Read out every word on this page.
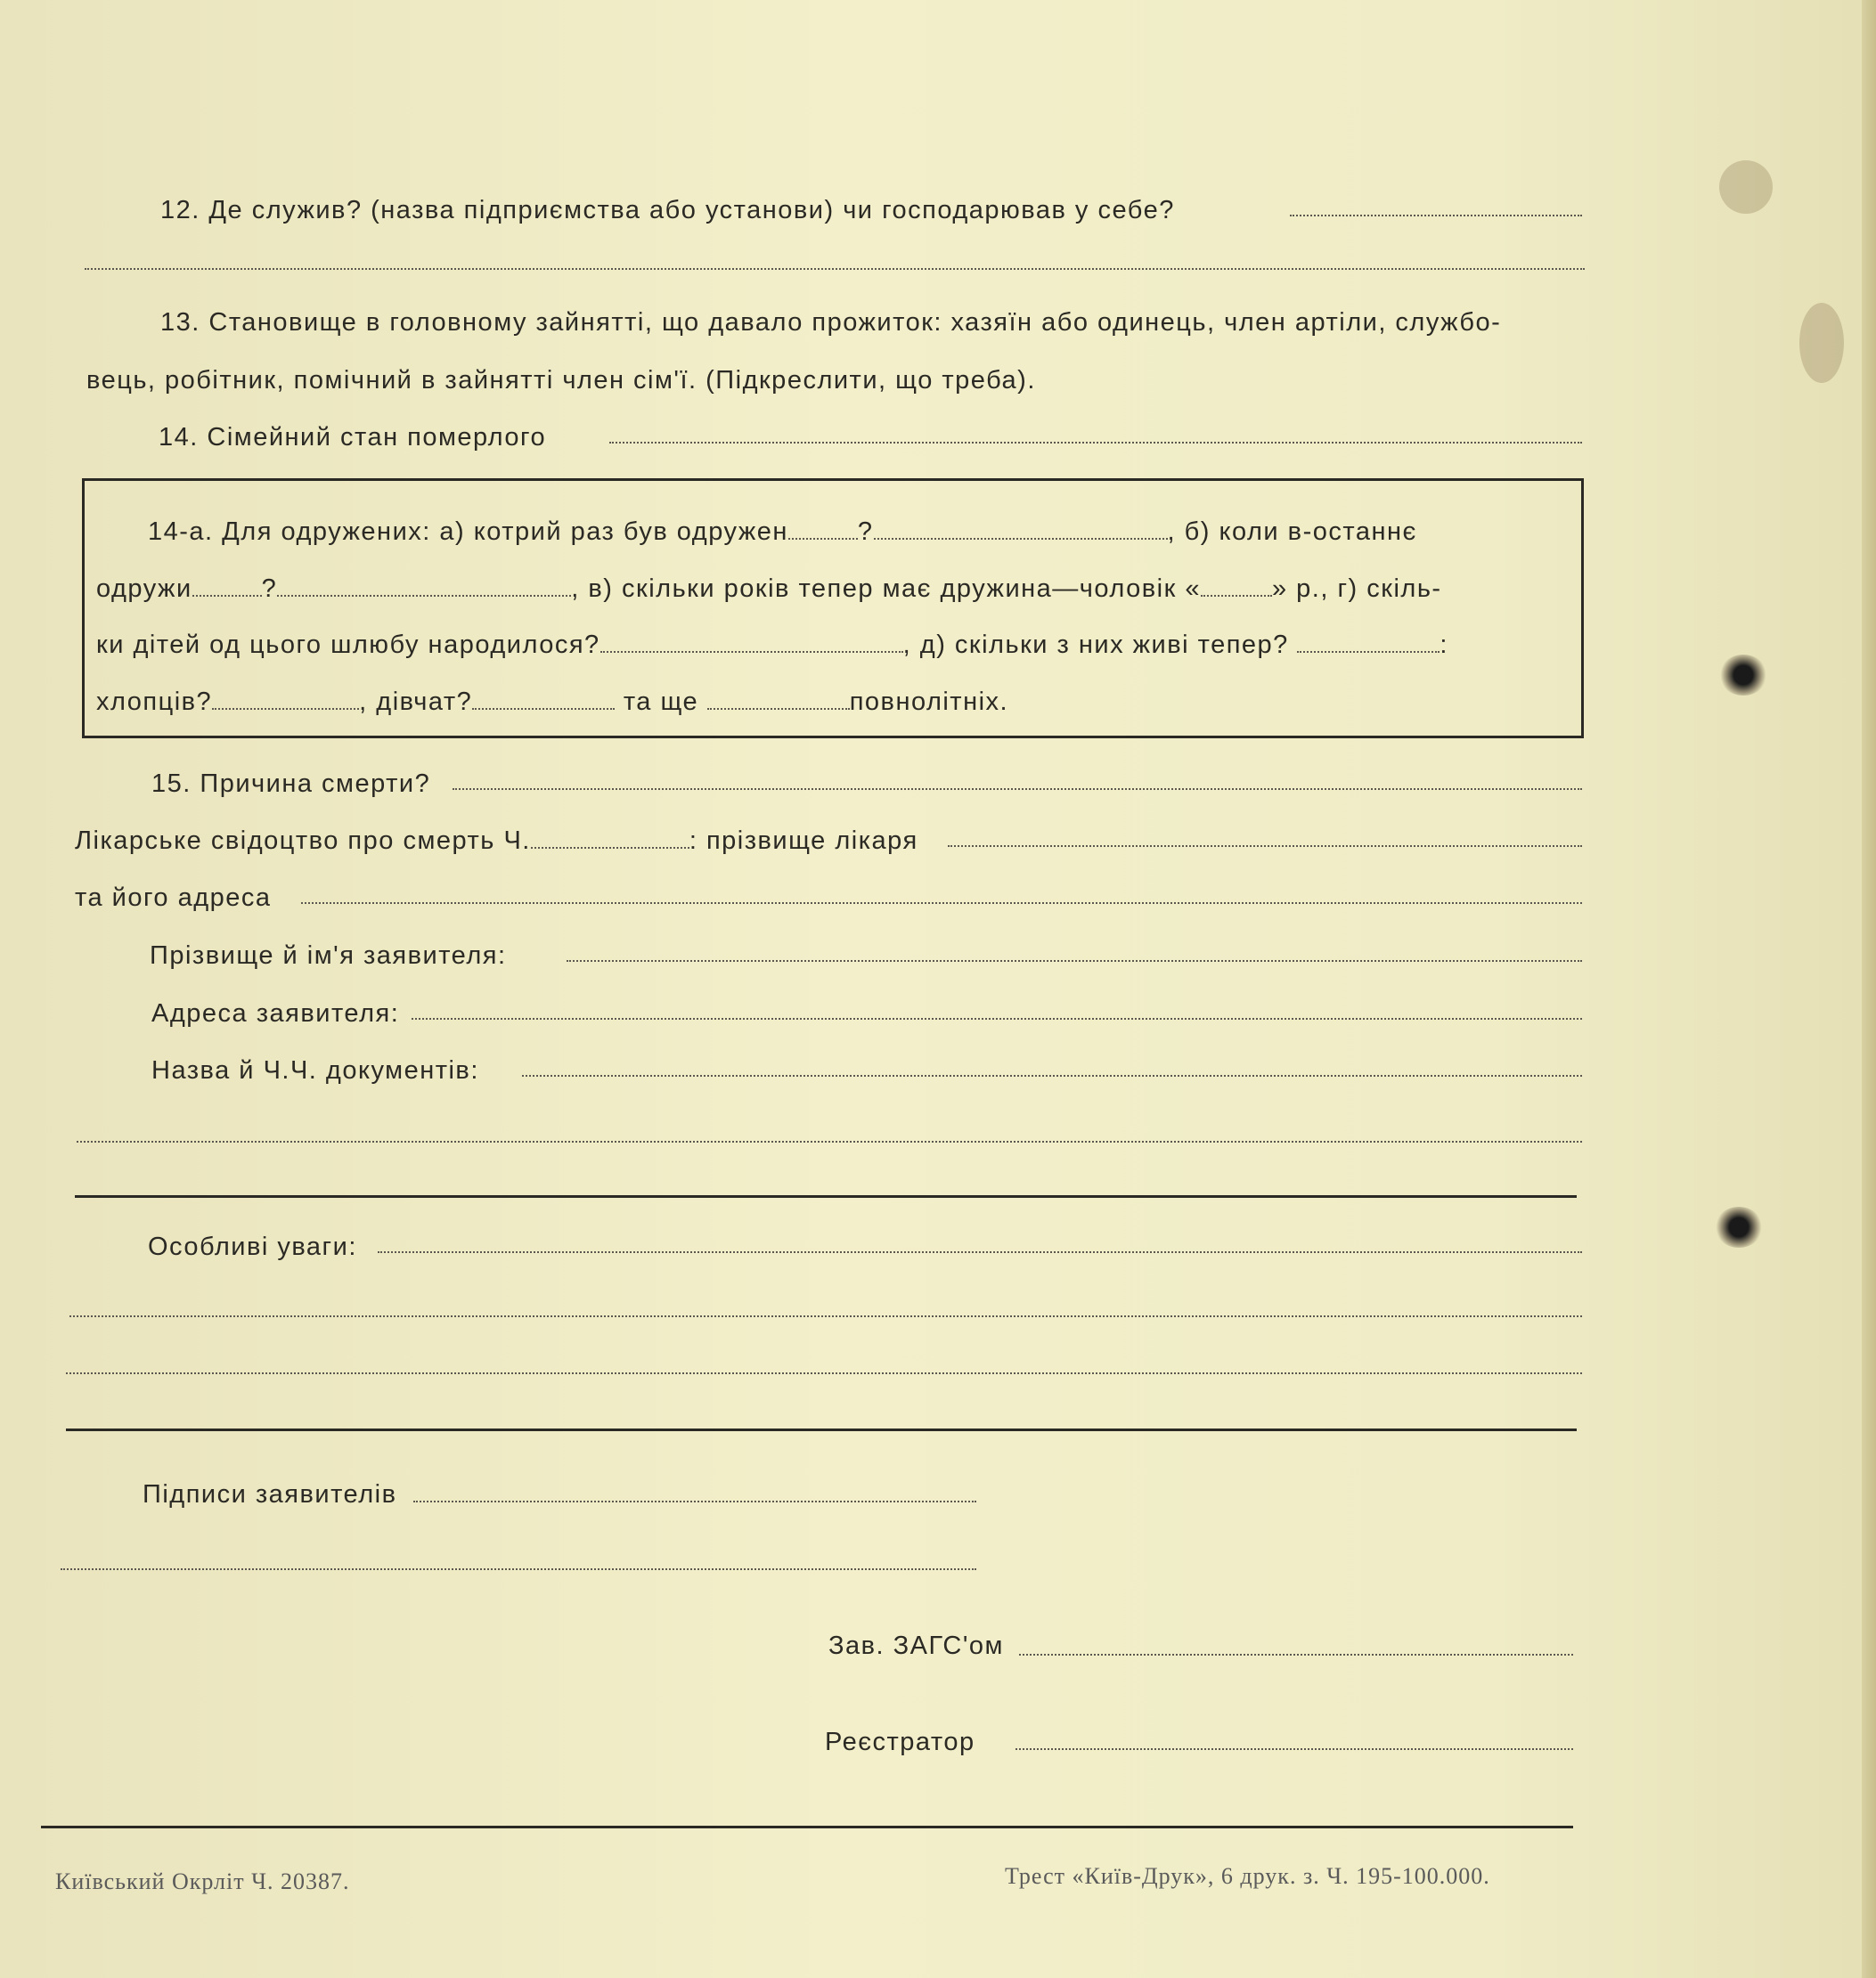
12. Де служив? (назва підприємства або установи) чи господарював у себе?
13. Становище в головному зайнятті, що давало прожиток: хазяїн або одинець, член артіли, службо-
вець, робітник, помічний в зайнятті член сім'ї. (Підкреслити, що треба).
14. Сімейний стан померлого
14-а. Для одружених: а) котрий раз був одружен	?	, б) коли в-останнє
одружи	?	, в) скільки років тепер має дружина—чоловік «	» р., г) скіль-
ки дітей од цього шлюбу народилося?	, д) скільки з них живі тепер?	:
хлопців?	, дівчат?	та ще	повнолітніх.
15. Причина смерти?
Лікарське свідоцтво про смерть Ч.	: прізвище лікаря
та його адреса
Прізвище й ім'я заявителя:
Адреса заявителя:
Назва й Ч.Ч. документів:
Особливі уваги:
Підписи заявителів
Зав. ЗАГС'ом
Реєстратор
Київський Окрліт Ч. 20387.	Трест «Київ-Друк», 6 друк. з. Ч. 195-100.000.
